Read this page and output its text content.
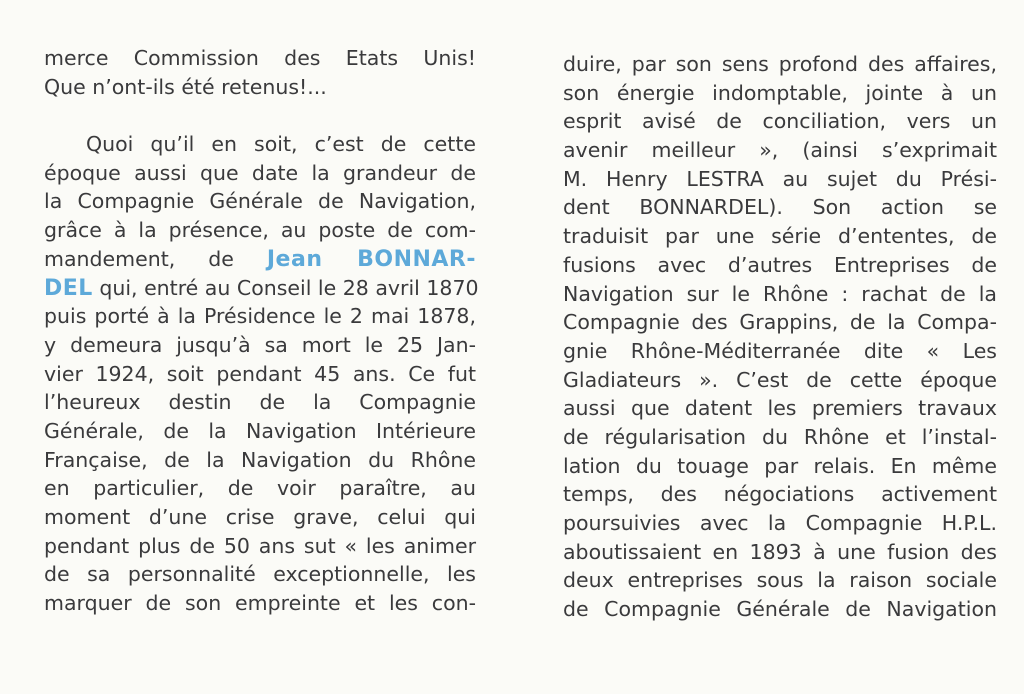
merce Commission des Etats Unis!
Que n’ont-ils été retenus!...
Quoi qu’il en soit, c’est de cette
époque aussi que date la grandeur de
la Compagnie Générale de Navigation,
grâce à la présence, au poste de com-
mandement, de Jean BONNAR-
DEL qui, entré au Conseil le 28 avril 1870
puis porté à la Présidence le 2 mai 1878,
y demeura jusqu’à sa mort le 25 Jan-
vier 1924, soit pendant 45 ans. Ce fut
l’heureux destin de la Compagnie
Générale, de la Navigation Intérieure
Française, de la Navigation du Rhône
en particulier, de voir paraître, au
moment d’une crise grave, celui qui
pendant plus de 50 ans sut « les animer
de sa personnalité exceptionnelle, les
marquer de son empreinte et les con-
duire, par son sens profond des affaires,
son énergie indomptable, jointe à un
esprit avisé de conciliation, vers un
avenir meilleur », (ainsi s’exprimait
M. Henry LESTRA au sujet du Prési-
dent BONNARDEL). Son action se
traduisit par une série d’ententes, de
fusions avec d’autres Entreprises de
Navigation sur le Rhône : rachat de la
Compagnie des Grappins, de la Compa-
gnie Rhône-Méditerranée dite « Les
Gladiateurs ». C’est de cette époque
aussi que datent les premiers travaux
de régularisation du Rhône et l’instal-
lation du touage par relais. En même
temps, des négociations activement
poursuivies avec la Compagnie H.P.L.
aboutissaient en 1893 à une fusion des
deux entreprises sous la raison sociale
de Compagnie Générale de Navigation
